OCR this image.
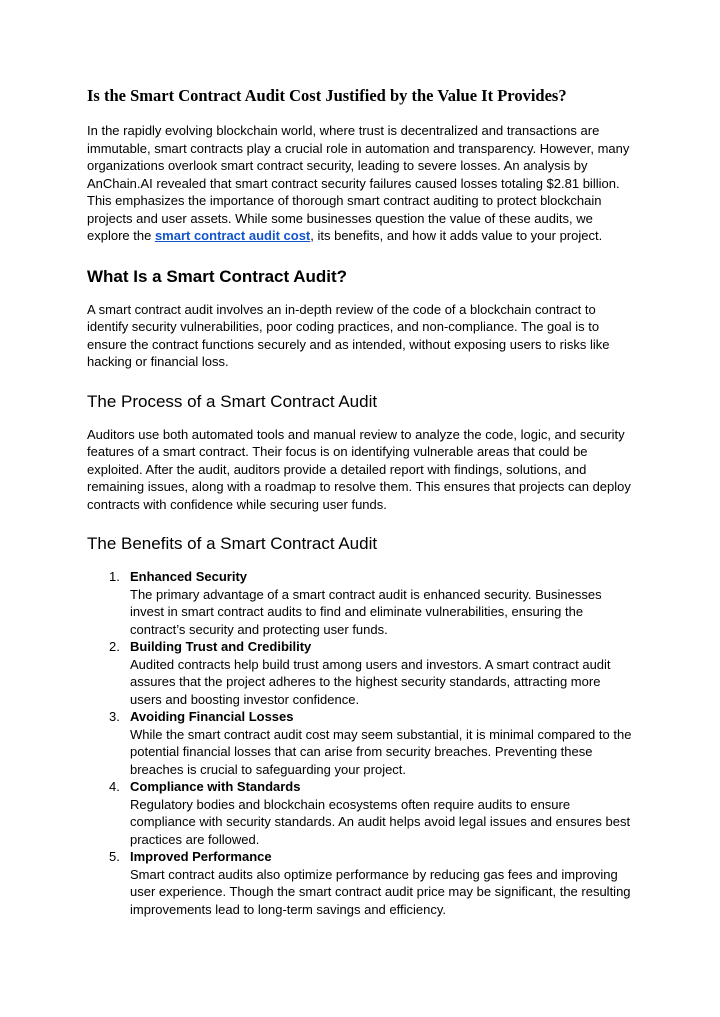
Is the Smart Contract Audit Cost Justified by the Value It Provides?

In the rapidly evolving blockchain world, where trust is decentralized and transactions are immutable, smart contracts play a crucial role in automation and transparency. However, many organizations overlook smart contract security, leading to severe losses. An analysis by AnChain.AI revealed that smart contract security failures caused losses totaling $2.81 billion. This emphasizes the importance of thorough smart contract auditing to protect blockchain projects and user assets. While some businesses question the value of these audits, we explore the smart contract audit cost, its benefits, and how it adds value to your project.

What Is a Smart Contract Audit?

A smart contract audit involves an in-depth review of the code of a blockchain contract to identify security vulnerabilities, poor coding practices, and non-compliance. The goal is to ensure the contract functions securely and as intended, without exposing users to risks like hacking or financial loss.

The Process of a Smart Contract Audit

Auditors use both automated tools and manual review to analyze the code, logic, and security features of a smart contract. Their focus is on identifying vulnerable areas that could be exploited. After the audit, auditors provide a detailed report with findings, solutions, and remaining issues, along with a roadmap to resolve them. This ensures that projects can deploy contracts with confidence while securing user funds.

The Benefits of a Smart Contract Audit
1. Enhanced Security
The primary advantage of a smart contract audit is enhanced security. Businesses invest in smart contract audits to find and eliminate vulnerabilities, ensuring the contract’s security and protecting user funds.
2. Building Trust and Credibility
Audited contracts help build trust among users and investors. A smart contract audit assures that the project adheres to the highest security standards, attracting more users and boosting investor confidence.
3. Avoiding Financial Losses
While the smart contract audit cost may seem substantial, it is minimal compared to the potential financial losses that can arise from security breaches. Preventing these breaches is crucial to safeguarding your project.
4. Compliance with Standards
Regulatory bodies and blockchain ecosystems often require audits to ensure compliance with security standards. An audit helps avoid legal issues and ensures best practices are followed.
5. Improved Performance
Smart contract audits also optimize performance by reducing gas fees and improving user experience. Though the smart contract audit price may be significant, the resulting improvements lead to long-term savings and efficiency.
